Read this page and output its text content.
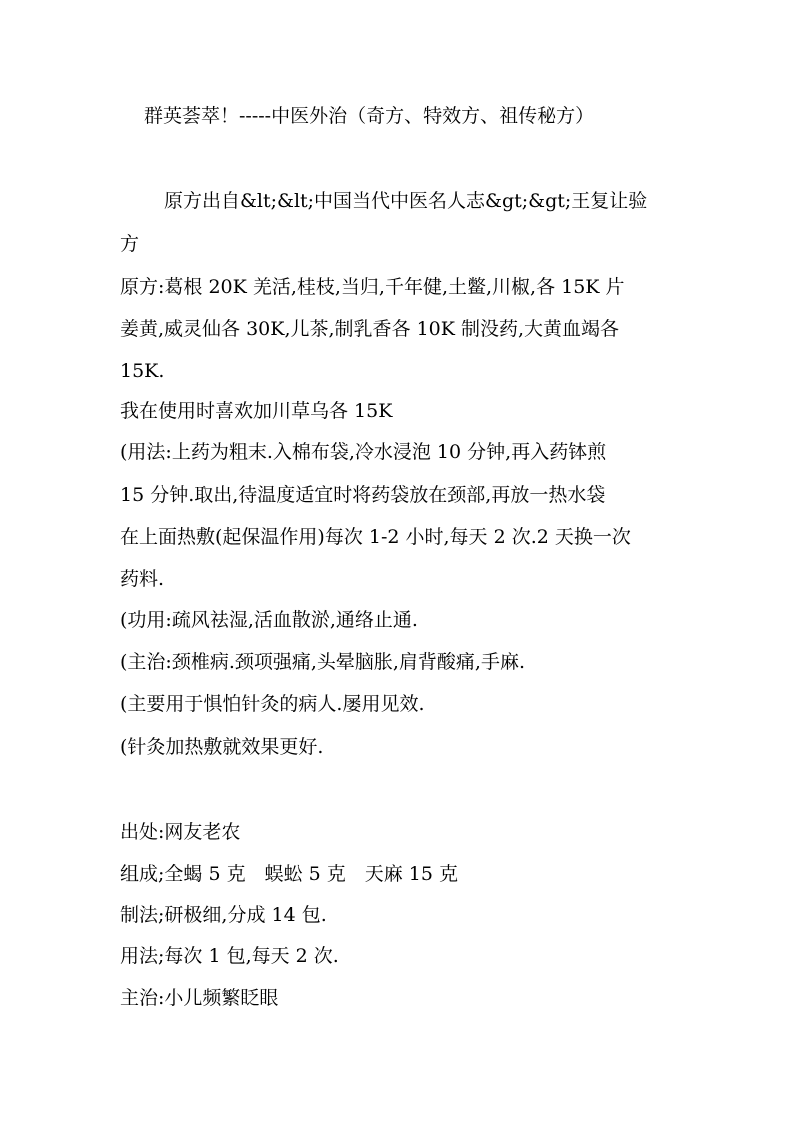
群英荟萃！-----中医外治（奇方、特效方、祖传秘方）
原方出自&lt;&lt;中国当代中医名人志&gt;&gt;王复让验
方
原方:葛根 20K 羌活,桂枝,当归,千年健,土鳖,川椒,各 15K 片
姜黄,威灵仙各 30K,儿茶,制乳香各 10K 制没药,大黄血竭各
15K.
我在使用时喜欢加川草乌各 15K
(用法:上药为粗末.入棉布袋,冷水浸泡 10 分钟,再入药钵煎
15 分钟.取出,待温度适宜时将药袋放在颈部,再放一热水袋
在上面热敷(起保温作用)每次 1-2 小时,每天 2 次.2 天换一次
药料.
(功用:疏风祛湿,活血散淤,通络止通.
(主治:颈椎病.颈项强痛,头晕脑胀,肩背酸痛,手麻.
(主要用于惧怕针灸的病人.屡用见效.
(针灸加热敷就效果更好.
出处:网友老农
组成;全蝎 5 克　蜈蚣 5 克　天麻 15 克
制法;研极细,分成 14 包.
用法;每次 1 包,每天 2 次.
主治:小儿频繁眨眼
